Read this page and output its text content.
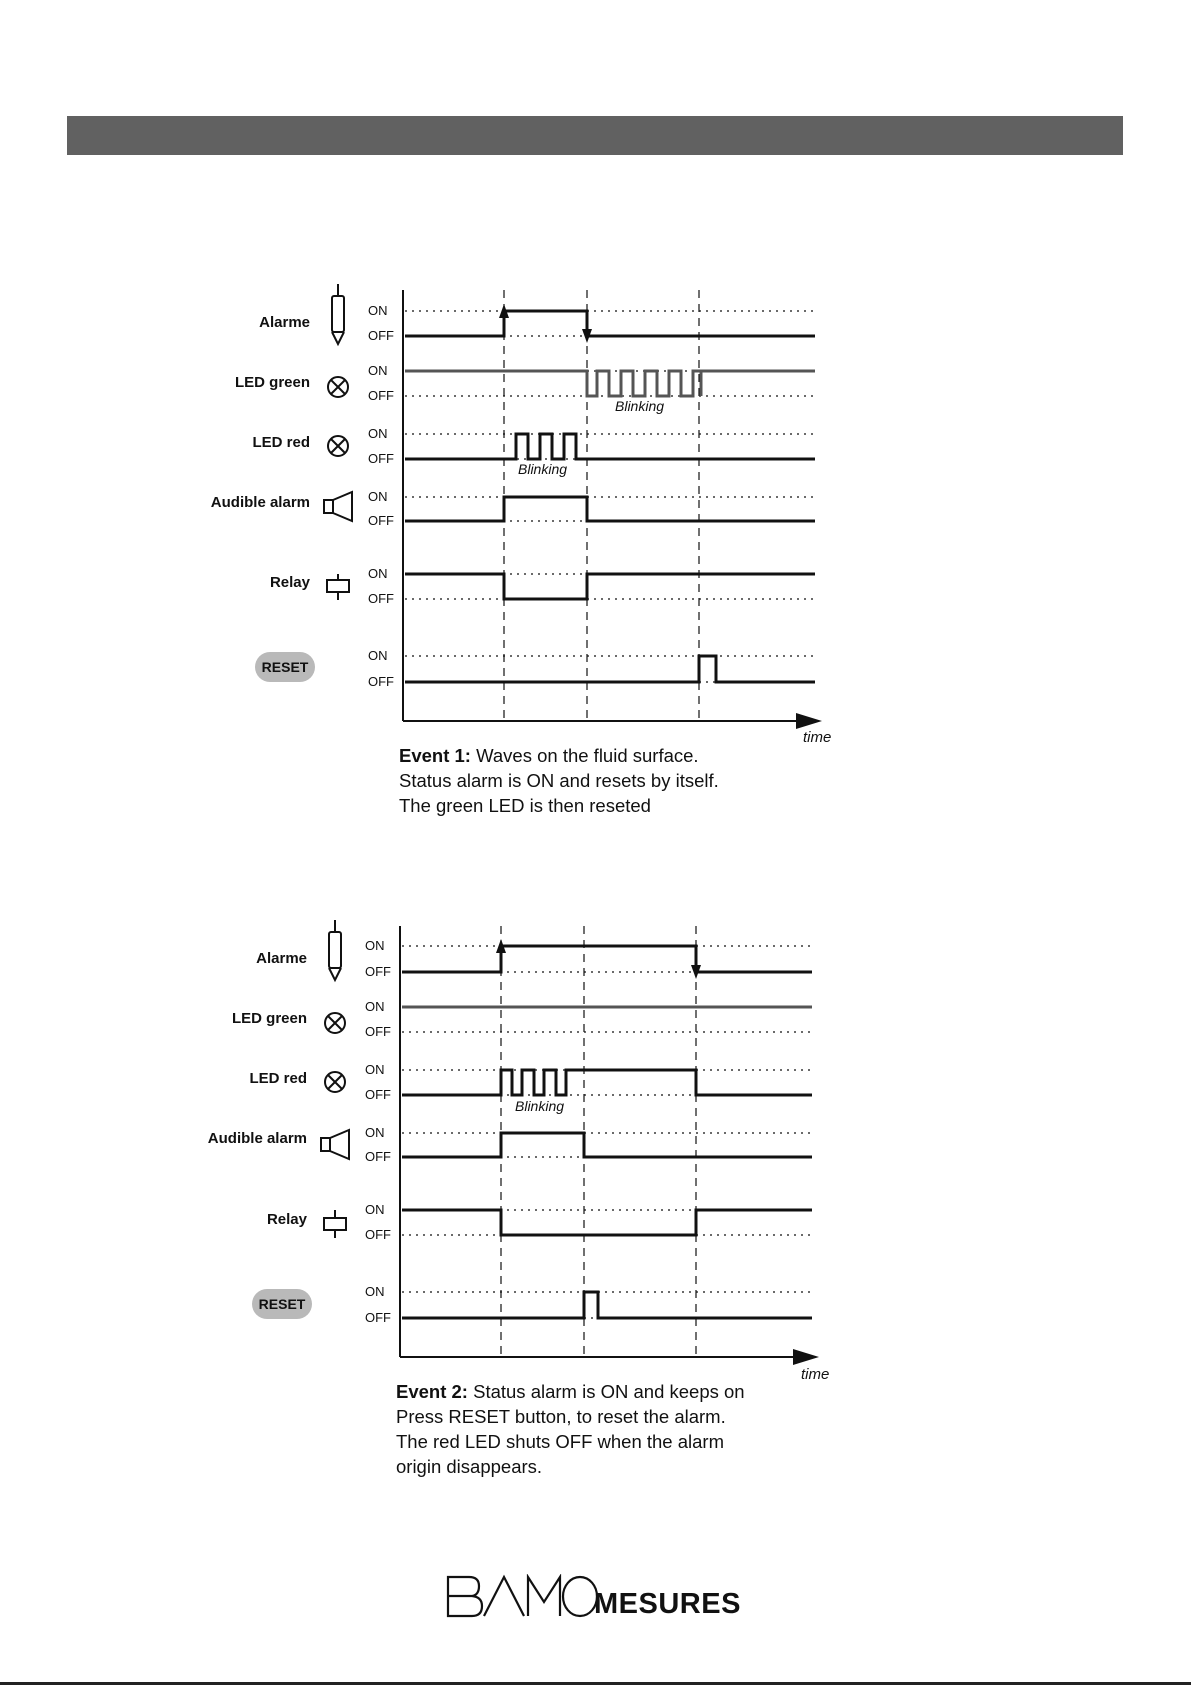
Alarme
LED green
LED red
Audible alarm
Relay
RESET
ON
OFF
ON
OFF
ON
OFF
ON
OFF
ON
OFF
ON
OFF
Blinking
Blinking
time
Event 1: Waves on the fluid surface.
Status alarm is ON and resets by itself.
The green LED is then reseted
Alarme
LED green
LED red
Audible alarm
Relay
RESET
ON
OFF
ON
OFF
ON
OFF
ON
OFF
ON
OFF
ON
OFF
Blinking
time
Event 2: Status alarm is ON and keeps on
Press RESET button, to reset the alarm.
The red LED shuts OFF when the alarm
origin disappears.
MESURES
